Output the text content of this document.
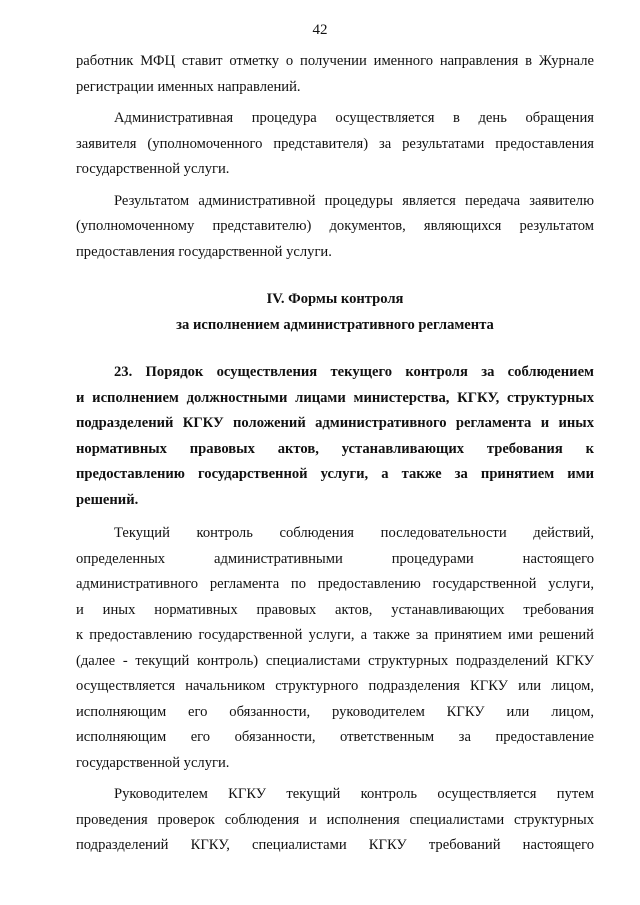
42
работник МФЦ ставит отметку о получении именного направления в Журнале
регистрации именных направлений.
Административная процедура осуществляется в день обращения
заявителя (уполномоченного представителя) за результатами предоставления
государственной услуги.
Результатом административной процедуры является передача заявителю
(уполномоченному представителю) документов, являющихся результатом
предоставления государственной услуги.
IV. Формы контроля
за исполнением административного регламента
23. Порядок осуществления текущего контроля за соблюдением
и исполнением должностными лицами министерства, КГКУ, структурных
подразделений КГКУ положений административного регламента и иных
нормативных правовых актов, устанавливающих требования к
предоставлению государственной услуги, а также за принятием ими
решений.
Текущий контроль соблюдения последовательности действий,
определенных административными процедурами настоящего
административного регламента по предоставлению государственной услуги,
и иных нормативных правовых актов, устанавливающих требования
к предоставлению государственной услуги, а также за принятием ими решений
(далее - текущий контроль) специалистами структурных подразделений КГКУ
осуществляется начальником структурного подразделения КГКУ или лицом,
исполняющим его обязанности, руководителем КГКУ или лицом,
исполняющим его обязанности, ответственным за предоставление
государственной услуги.
Руководителем КГКУ текущий контроль осуществляется путем
проведения проверок соблюдения и исполнения специалистами структурных
подразделений КГКУ, специалистами КГКУ требований настоящего
